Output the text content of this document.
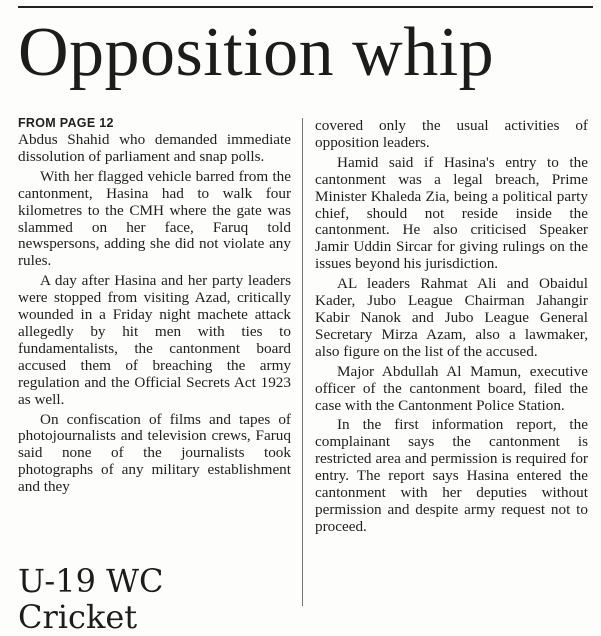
Opposition whip
FROM PAGE 12

Abdus Shahid who demanded immediate dissolution of parliament and snap polls.

With her flagged vehicle barred from the cantonment, Hasina had to walk four kilometres to the CMH where the gate was slammed on her face, Faruq told newspersons, adding she did not violate any rules.

A day after Hasina and her party leaders were stopped from visiting Azad, critically wounded in a Friday night machete attack allegedly by hit men with ties to fundamentalists, the cantonment board accused them of breaching the army regulation and the Official Secrets Act 1923 as well.

On confiscation of films and tapes of photojournalists and television crews, Faruq said none of the journalists took photographs of any military establishment and they

covered only the usual activities of opposition leaders.

Hamid said if Hasina's entry to the cantonment was a legal breach, Prime Minister Khaleda Zia, being a political party chief, should not reside inside the cantonment. He also criticised Speaker Jamir Uddin Sircar for giving rulings on the issues beyond his jurisdiction.

AL leaders Rahmat Ali and Obaidul Kader, Jubo League Chairman Jahangir Kabir Nanok and Jubo League General Secretary Mirza Azam, also a lawmaker, also figure on the list of the accused.

Major Abdullah Al Mamun, executive officer of the cantonment board, filed the case with the Cantonment Police Station.

In the first information report, the complainant says the cantonment is restricted area and permission is required for entry. The report says Hasina entered the cantonment with her deputies without permission and despite army request not to proceed.

U-19 WC
Cricket
